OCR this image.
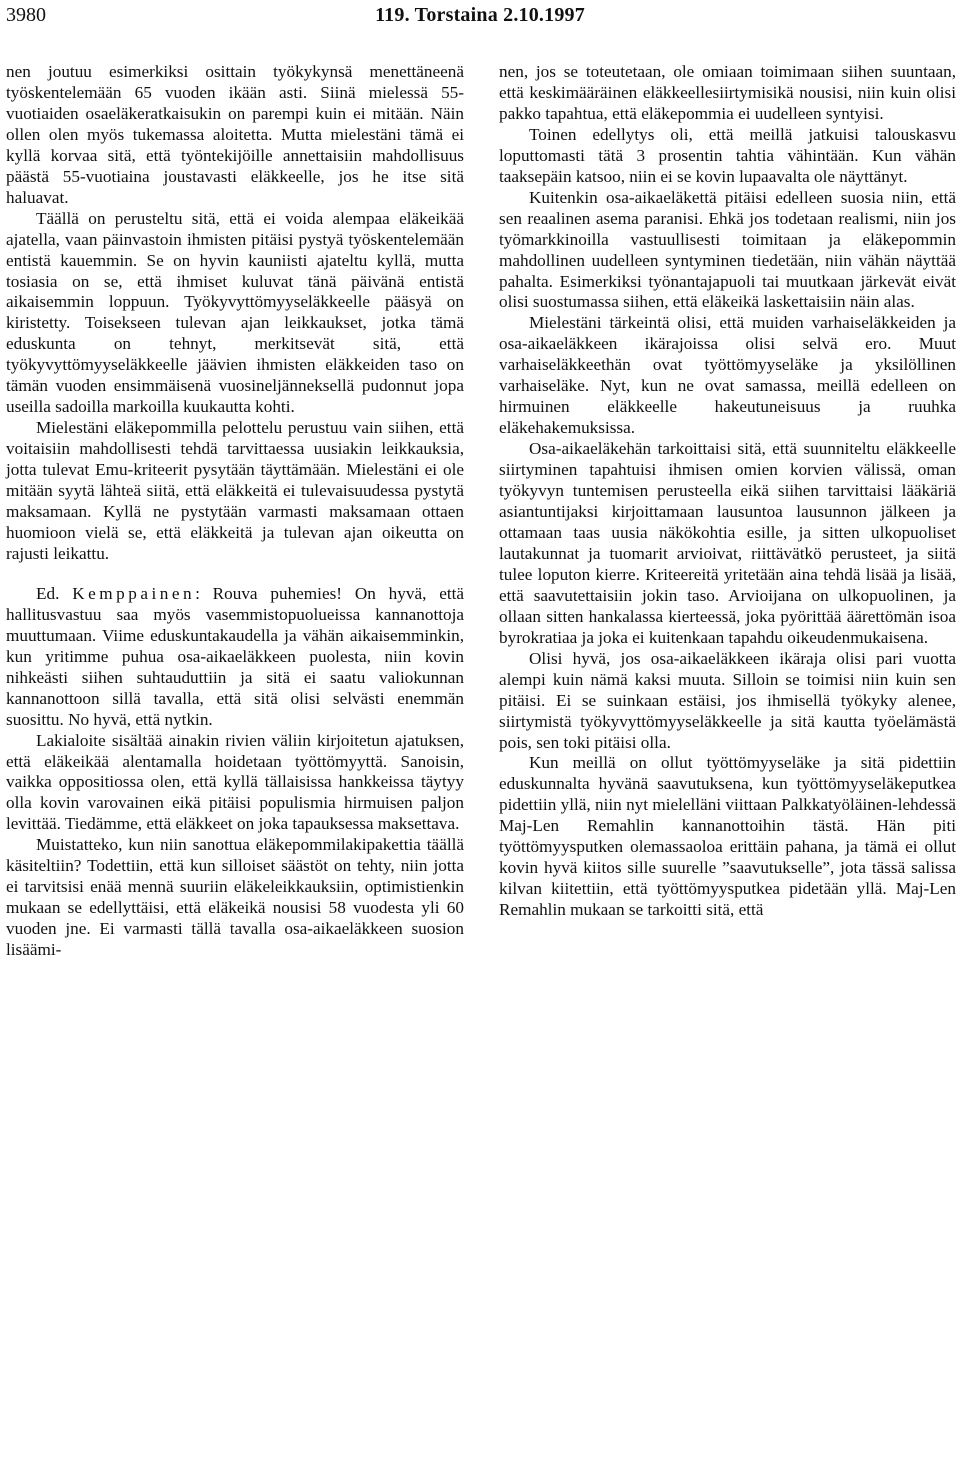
3980	119. Torstaina 2.10.1997

nen joutuu esimerkiksi osittain työkykynsä menettäneenä työskentelemään 65 vuoden ikään asti. Siinä mielessä 55-vuotiaiden osaeläkeratkaisukin on parempi kuin ei mitään. Näin ollen olen myös tukemassa aloitetta. Mutta mielestäni tämä ei kyllä korvaa sitä, että työntekijöille annettaisiin mahdollisuus päästä 55-vuotiaina joustavasti eläkkeelle, jos he itse sitä haluavat.

Täällä on perusteltu sitä, että ei voida alempaa eläkeikää ajatella, vaan päinvastoin ihmisten pitäisi pystyä työskentelemään entistä kauemmin. Se on hyvin kauniisti ajateltu kyllä, mutta tosiasia on se, että ihmiset kuluvat tänä päivänä entistä aikaisemmin loppuun. Työkyvyttömyyseläkkeelle pääsyä on kiristetty. Toisekseen tulevan ajan leikkaukset, jotka tämä eduskunta on tehnyt, merkitsevät sitä, että työkyvyttömyyseläkkeelle jäävien ihmisten eläkkeiden taso on tämän vuoden ensimmäisenä vuosineljänneksellä pudonnut jopa useilla sadoilla markoilla kuukautta kohti.

Mielestäni eläkepommilla pelottelu perustuu vain siihen, että voitaisiin mahdollisesti tehdä tarvittaessa uusiakin leikkauksia, jotta tulevat Emu-kriteerit pysytään täyttämään. Mielestäni ei ole mitään syytä lähteä siitä, että eläkkeitä ei tulevaisuudessa pystytä maksamaan. Kyllä ne pystytään varmasti maksamaan ottaen huomioon vielä se, että eläkkeitä ja tulevan ajan oikeutta on rajusti leikattu.

Ed. Kemppainen: Rouva puhemies! On hyvä, että hallitusvastuu saa myös vasemmistopuolueissa kannanottoja muuttumaan. Viime eduskuntakaudella ja vähän aikaisemminkin, kun yritimme puhua osa-aikaeläkkeen puolesta, niin kovin nihkeästi siihen suhtauduttiin ja sitä ei saatu valiokunnan kannanottoon sillä tavalla, että sitä olisi selvästi enemmän suosittu. No hyvä, että nytkin.

Lakialoite sisältää ainakin rivien väliin kirjoitetun ajatuksen, että eläkeikää alentamalla hoidetaan työttömyyttä. Sanoisin, vaikka oppositiossa olen, että kyllä tällaisissa hankkeissa täytyy olla kovin varovainen eikä pitäisi populismia hirmuisen paljon levittää. Tiedämme, että eläkkeet on joka tapauksessa maksettava.

Muistatteko, kun niin sanottua eläkepommilakipakettia täällä käsiteltiin? Todettiin, että kun silloiset säästöt on tehty, niin jotta ei tarvitsisi enää mennä suuriin eläkeleikkauksiin, optimistienkin mukaan se edellyttäisi, että eläkeikä nousisi 58 vuodesta yli 60 vuoden jne. Ei varmasti tällä tavalla osa-aikaeläkkeen suosion lisäämi-

nen, jos se toteutetaan, ole omiaan toimimaan siihen suuntaan, että keskimääräinen eläkkeellesiirtymisikä nousisi, niin kuin olisi pakko tapahtua, että eläkepommia ei uudelleen syntyisi.

Toinen edellytys oli, että meillä jatkuisi talouskasvu loputtomasti tätä 3 prosentin tahtia vähintään. Kun vähän taaksepäin katsoo, niin ei se kovin lupaavalta ole näyttänyt.

Kuitenkin osa-aikaeläkettä pitäisi edelleen suosia niin, että sen reaalinen asema paranisi. Ehkä jos todetaan realismi, niin jos työmarkkinoilla vastuullisesti toimitaan ja eläkepommin mahdollinen uudelleen syntyminen tiedetään, niin vähän näyttää pahalta. Esimerkiksi työnantajapuoli tai muutkaan järkevät eivät olisi suostumassa siihen, että eläkeikä laskettaisiin näin alas.

Mielestäni tärkeintä olisi, että muiden varhaiseläkkeiden ja osa-aikaeläkkeen ikärajoissa olisi selvä ero. Muut varhaiseläkkeethän ovat työttömyyseläke ja yksilöllinen varhaiseläke. Nyt, kun ne ovat samassa, meillä edelleen on hirmuinen eläkkeelle hakeutuneisuus ja ruuhka eläkehakemuksissa.

Osa-aikaeläkehän tarkoittaisi sitä, että suunniteltu eläkkeelle siirtyminen tapahtuisi ihmisen omien korvien välissä, oman työkyvyn tuntemisen perusteella eikä siihen tarvittaisi lääkäriä asiantuntijaksi kirjoittamaan lausuntoa lausunnon jälkeen ja ottamaan taas uusia näkökohtia esille, ja sitten ulkopuoliset lautakunnat ja tuomarit arvioivat, riittävätkö perusteet, ja siitä tulee loputon kierre. Kriteereitä yritetään aina tehdä lisää ja lisää, että saavutettaisiin jokin taso. Arvioijana on ulkopuolinen, ja ollaan sitten hankalassa kierteessä, joka pyörittää äärettömän isoa byrokratiaa ja joka ei kuitenkaan tapahdu oikeudenmukaisena.

Olisi hyvä, jos osa-aikaeläkkeen ikäraja olisi pari vuotta alempi kuin nämä kaksi muuta. Silloin se toimisi niin kuin sen pitäisi. Ei se suinkaan estäisi, jos ihmisellä työkyky alenee, siirtymistä työkyvyttömyyseläkkeelle ja sitä kautta työelämästä pois, sen toki pitäisi olla.

Kun meillä on ollut työttömyyseläke ja sitä pidettiin eduskunnalta hyvänä saavutuksena, kun työttömyyseläkeputkea pidettiin yllä, niin nyt mielelläni viittaan Palkkatyöläinen-lehdessä Maj-Len Remahlin kannanottoihin tästä. Hän piti työttömyysputken olemassaoloa erittäin pahana, ja tämä ei ollut kovin hyvä kiitos sille suurelle ”saavutukselle”, jota tässä salissa kilvan kiitettiin, että työttömyysputkea pidetään yllä. Maj-Len Remahlin mukaan se tarkoitti sitä, että
